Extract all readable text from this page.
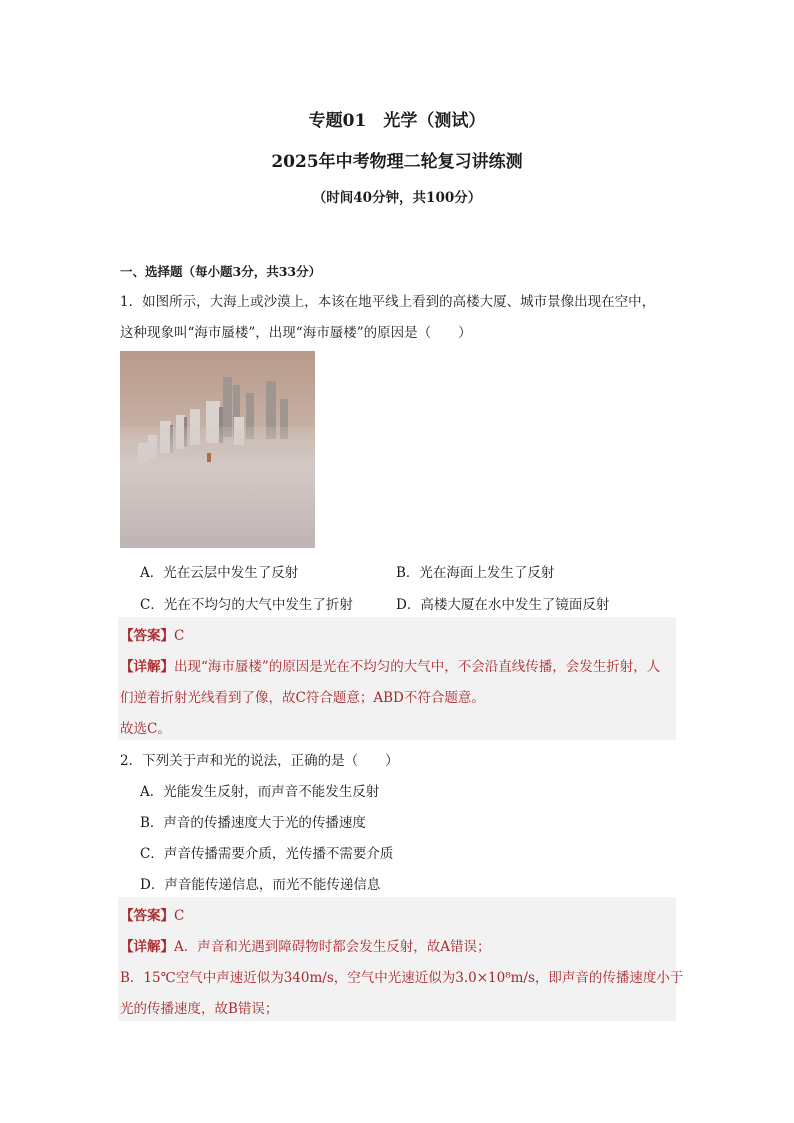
专题01　光学（测试）
2025年中考物理二轮复习讲练测
（时间40分钟，共100分）
一、选择题（每小题3分，共33分）
1．如图所示，大海上或沙漠上，本该在地平线上看到的高楼大厦、城市景像出现在空中，
这种现象叫“海市蜃楼”，出现“海市蜃楼”的原因是（　　）
A．光在云层中发生了反射	B．光在海面上发生了反射
C．光在不均匀的大气中发生了折射	D．高楼大厦在水中发生了镜面反射
【答案】C
【详解】出现“海市蜃楼”的原因是光在不均匀的大气中，不会沿直线传播，会发生折射，人
们逆着折射光线看到了像，故C符合题意；ABD不符合题意。
故选C。
2．下列关于声和光的说法，正确的是（　　）
A．光能发生反射，而声音不能发生反射
B．声音的传播速度大于光的传播速度
C．声音传播需要介质，光传播不需要介质
D．声音能传递信息，而光不能传递信息
【答案】C
【详解】A．声音和光遇到障碍物时都会发生反射，故A错误；
B．15℃空气中声速近似为340m/s，空气中光速近似为3.0×10⁸m/s，即声音的传播速度小于
光的传播速度，故B错误；
